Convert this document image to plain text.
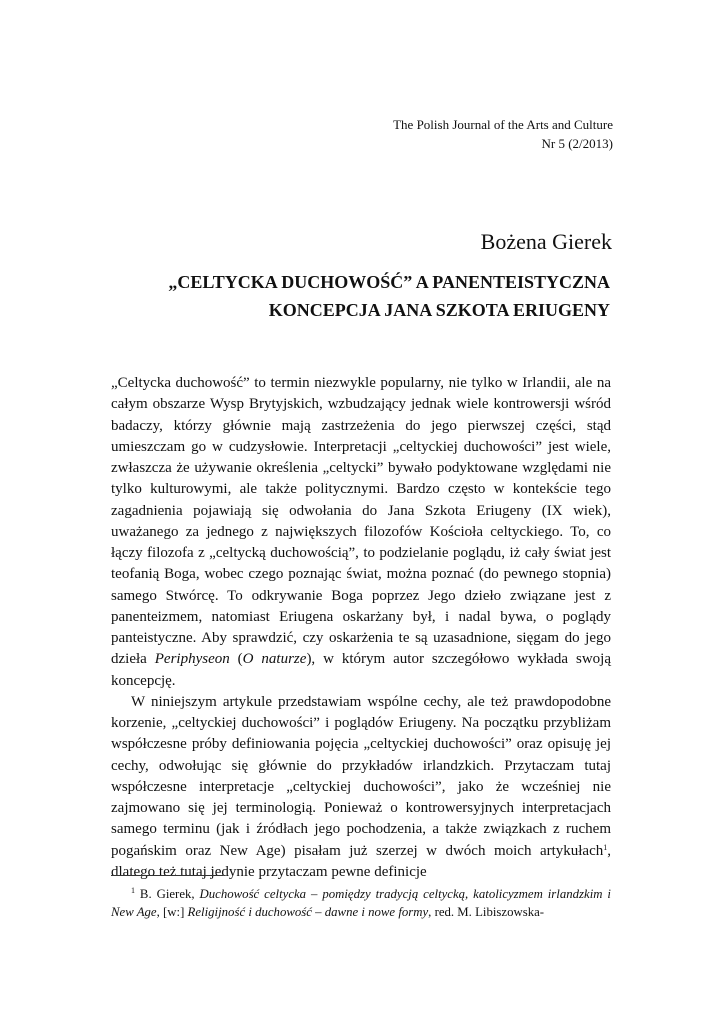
The Polish Journal of the Arts and Culture
Nr 5 (2/2013)
Bożena Gierek
„CELTYCKA DUCHOWOŚĆ” A PANENTEISTYCZNA
KONCEPCJA JANA SZKOTA ERIUGENY

„Celtycka duchowość” to termin niezwykle popularny, nie tylko w Irlandii, ale na całym obszarze Wysp Brytyjskich, wzbudzający jednak wiele kontrowersji wśród badaczy, którzy głównie mają zastrzeżenia do jego pierwszej części, stąd umieszczam go w cudzysłowie. Interpretacji „celtyckiej duchowości” jest wiele, zwłaszcza że używanie określenia „celtycki” bywało podyktowane względami nie tylko kulturowymi, ale także politycznymi. Bardzo często w kontekście tego zagadnienia pojawiają się odwołania do Jana Szkota Eriugeny (IX wiek), uważanego za jednego z największych filozofów Kościoła celtyckiego. To, co łączy filozofa z „celtycką duchowością”, to podzielanie poglądu, iż cały świat jest teofanią Boga, wobec czego poznając świat, można poznać (do pewnego stopnia) samego Stwórcę. To odkrywanie Boga poprzez Jego dzieło związane jest z panenteizmem, natomiast Eriugena oskarżany był, i nadal bywa, o poglądy panteistyczne. Aby sprawdzić, czy oskarżenia te są uzasadnione, sięgam do jego dzieła Periphyseon (O naturze), w którym autor szczegółowo wykłada swoją koncepcję.

W niniejszym artykule przedstawiam wspólne cechy, ale też prawdopodobne korzenie, „celtyckiej duchowości” i poglądów Eriugeny. Na początku przybliżam współczesne próby definiowania pojęcia „celtyckiej duchowości” oraz opisuję jej cechy, odwołując się głównie do przykładów irlandzkich. Przytaczam tutaj współczesne interpretacje „celtyckiej duchowości”, jako że wcześniej nie zajmowano się jej terminologią. Ponieważ o kontrowersyjnych interpretacjach samego terminu (jak i źródłach jego pochodzenia, a także związkach z ruchem pogańskim oraz New Age) pisałam już szerzej w dwóch moich artykułach$^1$, dlatego też tutaj jedynie przytaczam pewne definicje

$^1$ B. Gierek, Duchowość celtycka – pomiędzy tradycją celtycką, katolicyzmem irlandzkim i New Age, [w:] Religijność i duchowość – dawne i nowe formy, red. M. Libiszowska-
